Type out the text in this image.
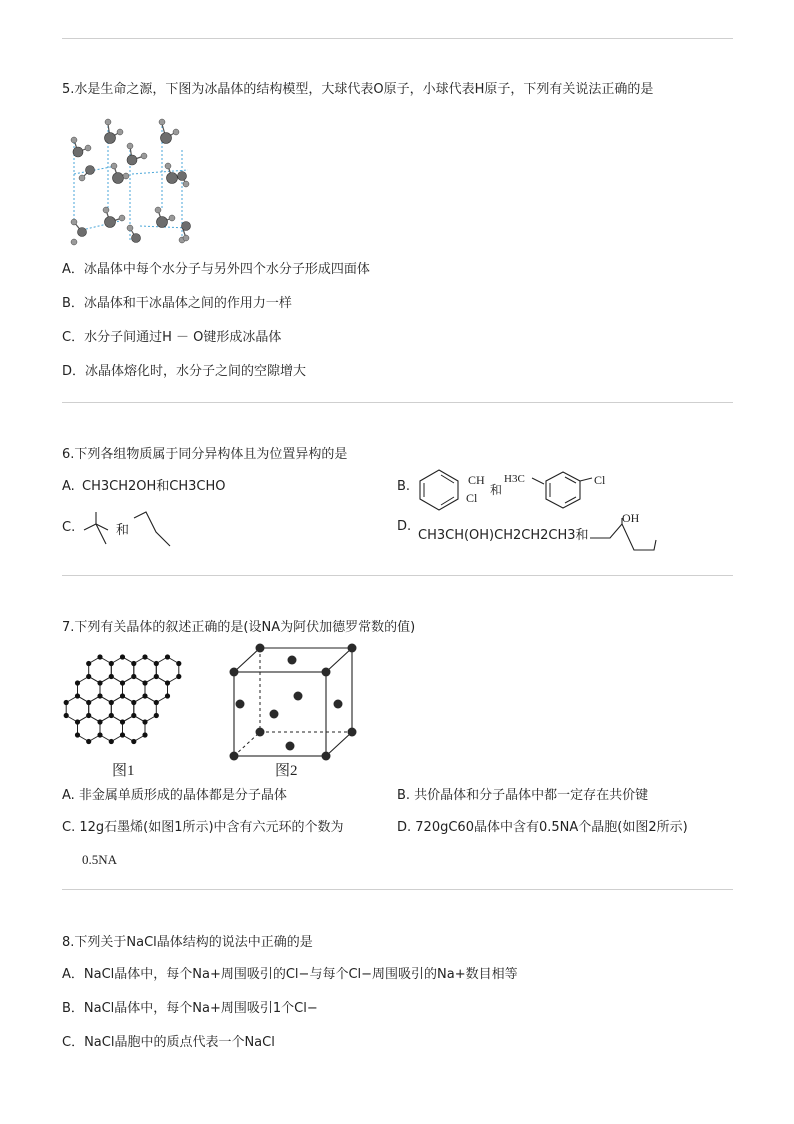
5.水是生命之源，下图为冰晶体的结构模型，大球代表O原子，小球代表H原子，下列有关说法正确的是
A．冰晶体中每个水分子与另外四个水分子形成四面体
B．冰晶体和干冰晶体之间的作用力一样
C．水分子间通过H － O键形成冰晶体
D．冰晶体熔化时，水分子之间的空隙增大
6.下列各组物质属于同分异构体且为位置异构的是
A. CH3CH2OH和CH3CHO	B.	CH
Cl
和
H3C	Cl
C.	和	D.
CH3CH(OH)CH2CH2CH3和
OH
7.下列有关晶体的叙述正确的是(设NA为阿伏加德罗常数的值)
图1	图2
A. 非金属单质形成的晶体都是分子晶体	B. 共价晶体和分子晶体中都一定存在共价键
C. 12g石墨烯(如图1所示)中含有六元环的个数为
0.5NA
D. 720gC60晶体中含有0.5NA个晶胞(如图2所示)
8.下列关于NaCl晶体结构的说法中正确的是
A．NaCl晶体中，每个Na+周围吸引的Cl−与每个Cl−周围吸引的Na+数目相等
B．NaCl晶体中，每个Na+周围吸引1个Cl−
C．NaCl晶胞中的质点代表一个NaCl
